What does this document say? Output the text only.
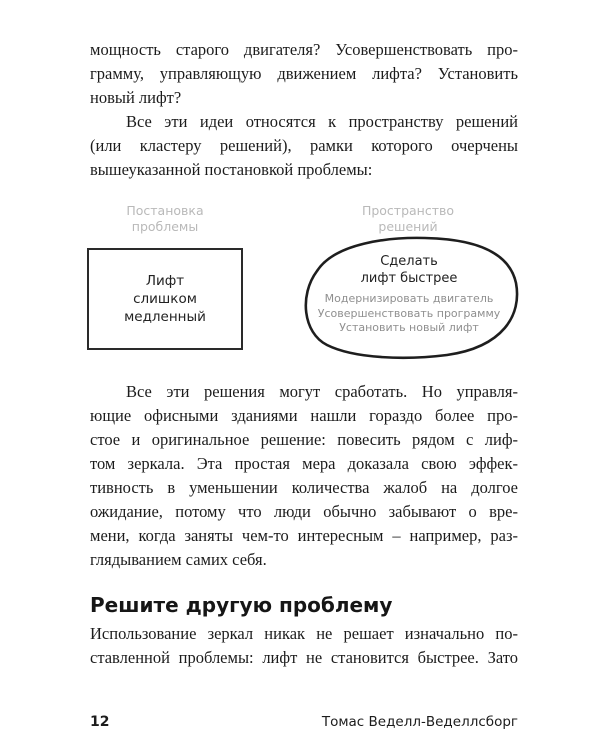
мощность старого двигателя? Усовершенствовать про-
грамму, управляющую движением лифта? Установить
новый лифт?

Все эти идеи относятся к пространству решений
(или кластеру решений), рамки которого очерчены
вышеуказанной постановкой проблемы:

Постановка
проблемы
Пространство
решений
Лифт
слишком
медленный
Сделать
лифт быстрее
Модернизировать двигатель
Усовершенствовать программу
Установить новый лифт

Все эти решения могут сработать. Но управля-
ющие офисными зданиями нашли гораздо более про-
стое и оригинальное решение: повесить рядом с лиф-
том зеркала. Эта простая мера доказала свою эффек-
тивность в уменьшении количества жалоб на долгое
ожидание, потому что люди обычно забывают о вре-
мени, когда заняты чем-то интересным – например, раз-
глядыванием самих себя.

Решите другую проблему

Использование зеркал никак не решает изначально по-
ставленной проблемы: лифт не становится быстрее. Зато

12	Томас Веделл-Веделлсборг
